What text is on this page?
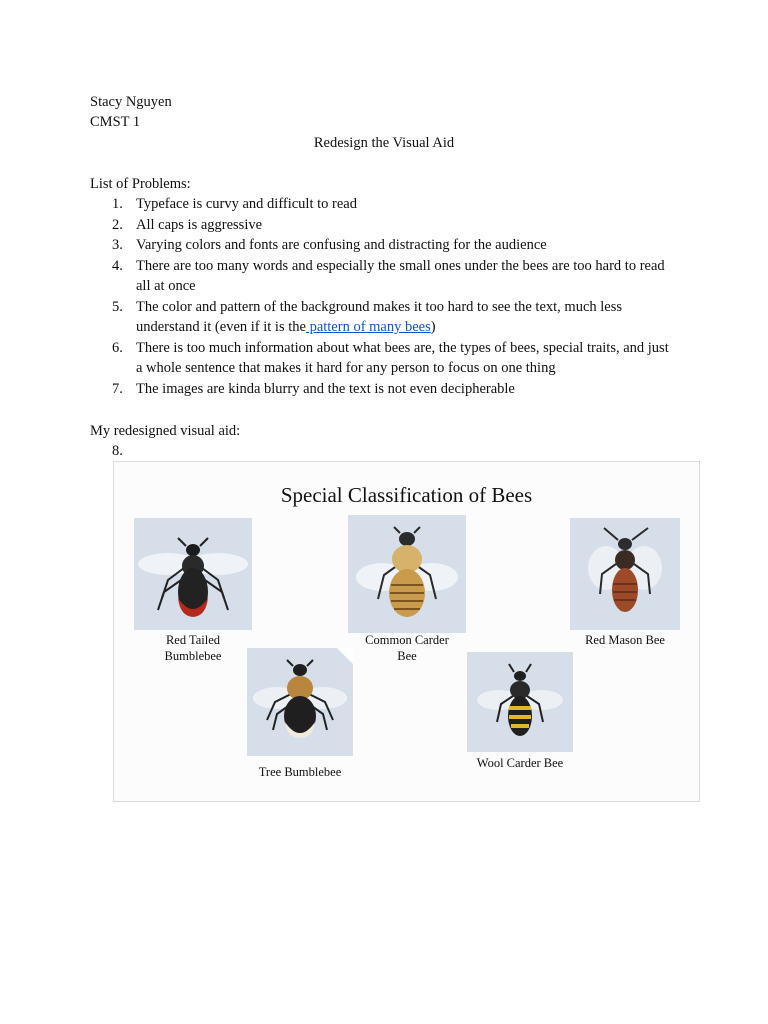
Stacy Nguyen
CMST 1
Redesign the Visual Aid
List of Problems:
1. Typeface is curvy and difficult to read
2. All caps is aggressive
3. Varying colors and fonts are confusing and distracting for the audience
4. There are too many words and especially the small ones under the bees are too hard to read all at once
5. The color and pattern of the background makes it too hard to see the text, much less understand it (even if it is the pattern of many bees)
6. There is too much information about what bees are, the types of bees, special traits, and just a whole sentence that makes it hard for any person to focus on one thing
7. The images are kinda blurry and the text is not even decipherable
My redesigned visual aid:
8.
Special Classification of Bees
Red Tailed
Bumblebee
Common Carder
Bee
Red Mason Bee
Tree Bumblebee
Wool Carder Bee
